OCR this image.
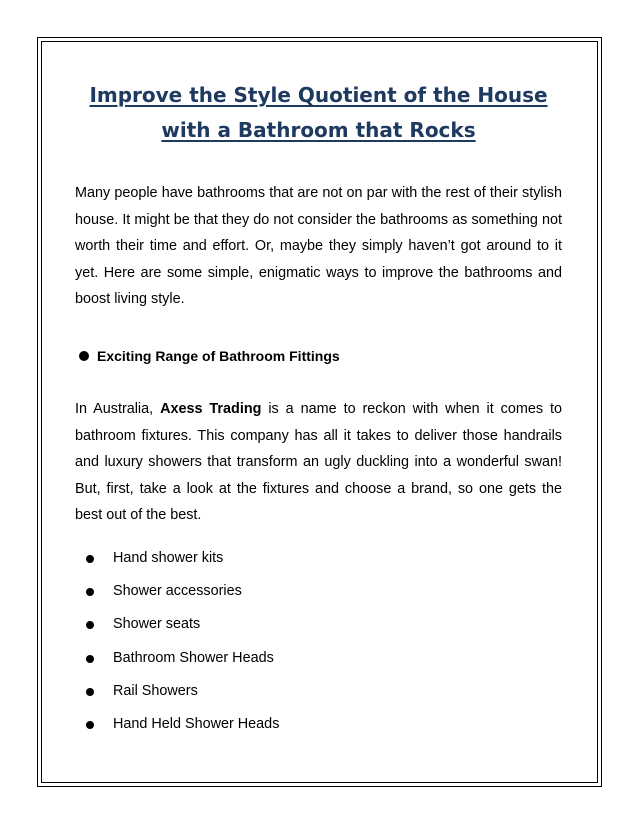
Improve the Style Quotient of the House
with a Bathroom that Rocks

Many people have bathrooms that are not on par with the rest of their stylish house. It might be that they do not consider the bathrooms as something not worth their time and effort. Or, maybe they simply haven’t got around to it yet. Here are some simple, enigmatic ways to improve the bathrooms and boost living style.

Exciting Range of Bathroom Fittings

In Australia, Axess Trading is a name to reckon with when it comes to bathroom fixtures. This company has all it takes to deliver those handrails and luxury showers that transform an ugly duckling into a wonderful swan! But, first, take a look at the fixtures and choose a brand, so one gets the best out of the best.

Hand shower kits
Shower accessories
Shower seats
Bathroom Shower Heads
Rail Showers
Hand Held Shower Heads
